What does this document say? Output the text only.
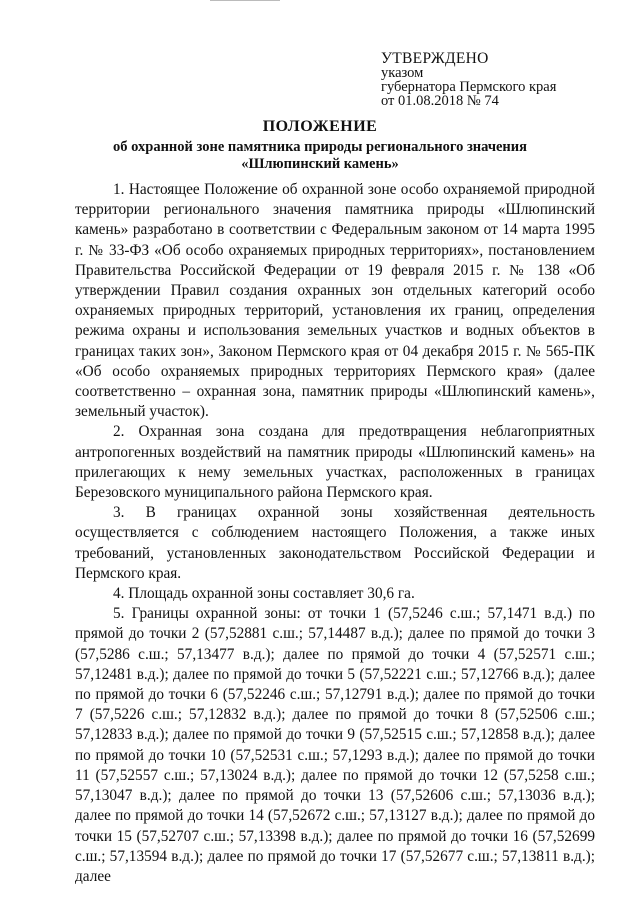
УТВЕРЖДЕНО
указом
губернатора Пермского края
от 01.08.2018 № 74
ПОЛОЖЕНИЕ
об охранной зоне памятника природы регионального значения
«Шлюпинский камень»

1. Настоящее Положение об охранной зоне особо охраняемой природной территории регионального значения памятника природы «Шлюпинский камень» разработано в соответствии с Федеральным законом от 14 марта 1995 г. № 33-ФЗ «Об особо охраняемых природных территориях», постановлением Правительства Российской Федерации от 19 февраля 2015 г. № 138 «Об утверждении Правил создания охранных зон отдельных категорий особо охраняемых природных территорий, установления их границ, определения режима охраны и использования земельных участков и водных объектов в границах таких зон», Законом Пермского края от 04 декабря 2015 г. № 565-ПК «Об особо охраняемых природных территориях Пермского края» (далее соответственно – охранная зона, памятник природы «Шлюпинский камень», земельный участок).

2. Охранная зона создана для предотвращения неблагоприятных антропогенных воздействий на памятник природы «Шлюпинский камень» на прилегающих к нему земельных участках, расположенных в границах Березовского муниципального района Пермского края.

3. В границах охранной зоны хозяйственная деятельность осуществляется с соблюдением настоящего Положения, а также иных требований, установленных законодательством Российской Федерации и Пермского края.

4. Площадь охранной зоны составляет 30,6 га.

5. Границы охранной зоны: от точки 1 (57,5246 с.ш.; 57,1471 в.д.) по прямой до точки 2 (57,52881 с.ш.; 57,14487 в.д.); далее по прямой до точки 3 (57,5286 с.ш.; 57,13477 в.д.); далее по прямой до точки 4 (57,52571 с.ш.; 57,12481 в.д.); далее по прямой до точки 5 (57,52221 с.ш.; 57,12766 в.д.); далее по прямой до точки 6 (57,52246 с.ш.; 57,12791 в.д.); далее по прямой до точки 7 (57,5226 с.ш.; 57,12832 в.д.); далее по прямой до точки 8 (57,52506 с.ш.; 57,12833 в.д.); далее по прямой до точки 9 (57,52515 с.ш.; 57,12858 в.д.); далее по прямой до точки 10 (57,52531 с.ш.; 57,1293 в.д.); далее по прямой до точки 11 (57,52557 с.ш.; 57,13024 в.д.); далее по прямой до точки 12 (57,5258 с.ш.; 57,13047 в.д.); далее по прямой до точки 13 (57,52606 с.ш.; 57,13036 в.д.); далее по прямой до точки 14 (57,52672 с.ш.; 57,13127 в.д.); далее по прямой до точки 15 (57,52707 с.ш.; 57,13398 в.д.); далее по прямой до точки 16 (57,52699 с.ш.; 57,13594 в.д.); далее по прямой до точки 17 (57,52677 с.ш.; 57,13811 в.д.); далее
